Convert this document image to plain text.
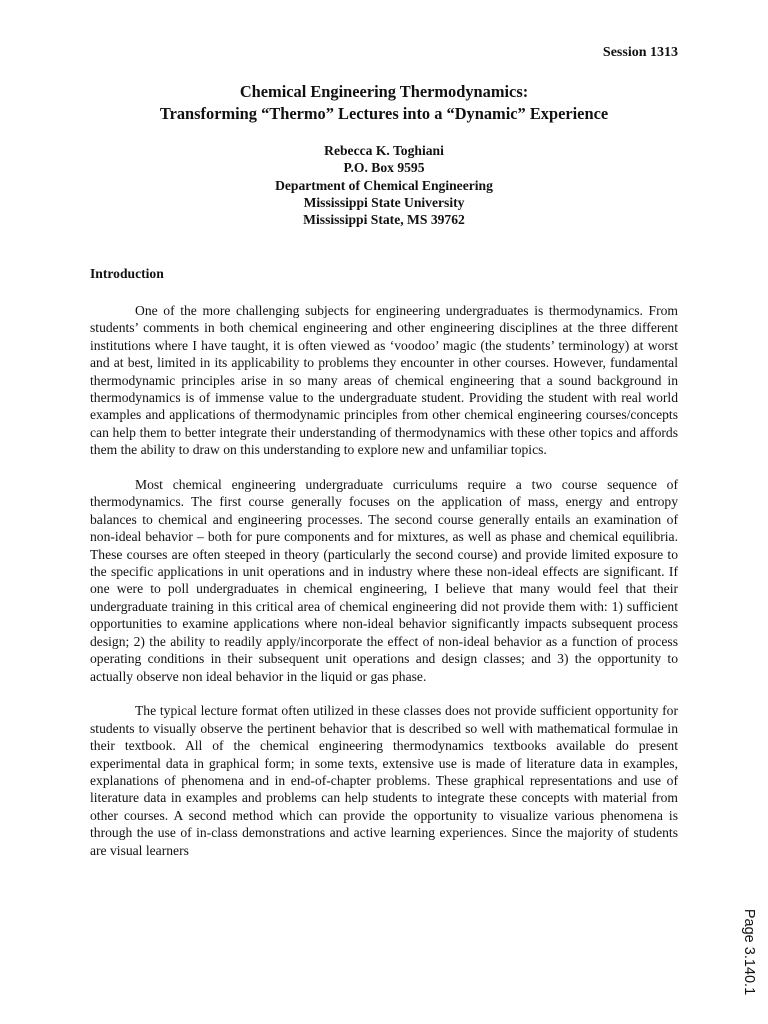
Session 1313
Chemical Engineering Thermodynamics:
Transforming “Thermo” Lectures into a “Dynamic” Experience
Rebecca K. Toghiani
P.O. Box 9595
Department of Chemical Engineering
Mississippi State University
Mississippi State, MS 39762
Introduction

One of the more challenging subjects for engineering undergraduates is thermodynamics. From students’ comments in both chemical engineering and other engineering disciplines at the three different institutions where I have taught, it is often viewed as ‘voodoo’ magic (the students’ terminology) at worst and at best, limited in its applicability to problems they encounter in other courses. However, fundamental thermodynamic principles arise in so many areas of chemical engineering that a sound background in thermodynamics is of immense value to the undergraduate student. Providing the student with real world examples and applications of thermodynamic principles from other chemical engineering courses/concepts can help them to better integrate their understanding of thermodynamics with these other topics and affords them the ability to draw on this understanding to explore new and unfamiliar topics.

Most chemical engineering undergraduate curriculums require a two course sequence of thermodynamics. The first course generally focuses on the application of mass, energy and entropy balances to chemical and engineering processes. The second course generally entails an examination of non-ideal behavior – both for pure components and for mixtures, as well as phase and chemical equilibria. These courses are often steeped in theory (particularly the second course) and provide limited exposure to the specific applications in unit operations and in industry where these non-ideal effects are significant. If one were to poll undergraduates in chemical engineering, I believe that many would feel that their undergraduate training in this critical area of chemical engineering did not provide them with: 1) sufficient opportunities to examine applications where non-ideal behavior significantly impacts subsequent process design; 2) the ability to readily apply/incorporate the effect of non-ideal behavior as a function of process operating conditions in their subsequent unit operations and design classes; and 3) the opportunity to actually observe non ideal behavior in the liquid or gas phase.

The typical lecture format often utilized in these classes does not provide sufficient opportunity for students to visually observe the pertinent behavior that is described so well with mathematical formulae in their textbook. All of the chemical engineering thermodynamics textbooks available do present experimental data in graphical form; in some texts, extensive use is made of literature data in examples, explanations of phenomena and in end-of-chapter problems. These graphical representations and use of literature data in examples and problems can help students to integrate these concepts with material from other courses. A second method which can provide the opportunity to visualize various phenomena is through the use of in-class demonstrations and active learning experiences. Since the majority of students are visual learners

Page 3.140.1
